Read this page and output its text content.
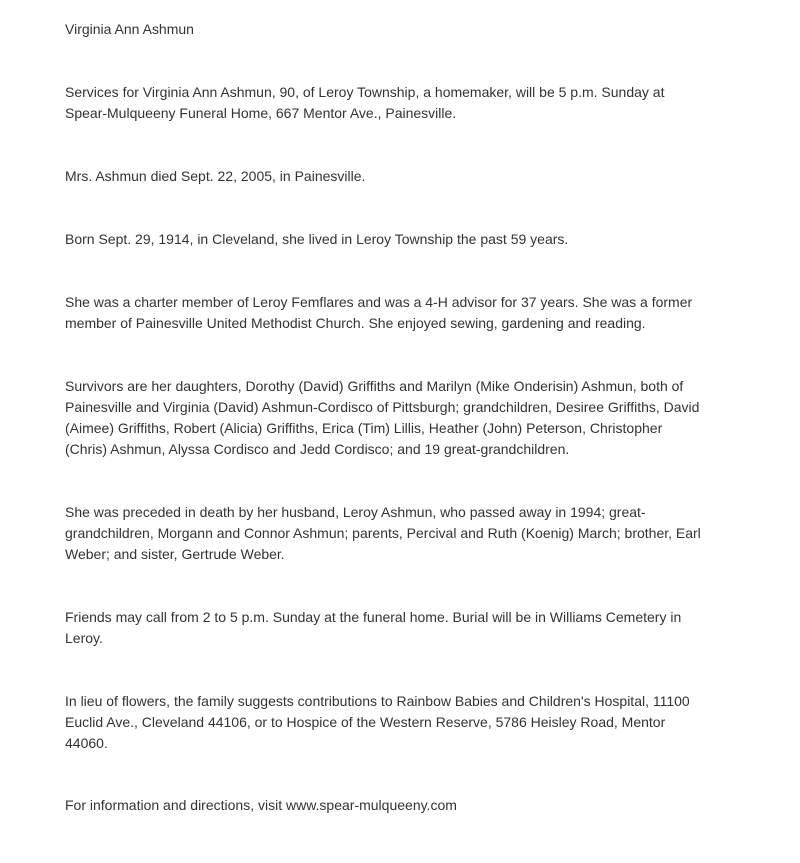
Virginia Ann Ashmun

Services for Virginia Ann Ashmun, 90, of Leroy Township, a homemaker, will be 5 p.m. Sunday at Spear-Mulqueeny Funeral Home, 667 Mentor Ave., Painesville.

Mrs. Ashmun died Sept. 22, 2005, in Painesville.

Born Sept. 29, 1914, in Cleveland, she lived in Leroy Township the past 59 years.

She was a charter member of Leroy Femflares and was a 4-H advisor for 37 years. She was a former member of Painesville United Methodist Church. She enjoyed sewing, gardening and reading.

Survivors are her daughters, Dorothy (David) Griffiths and Marilyn (Mike Onderisin) Ashmun, both of Painesville and Virginia (David) Ashmun-Cordisco of Pittsburgh; grandchildren, Desiree Griffiths, David (Aimee) Griffiths, Robert (Alicia) Griffiths, Erica (Tim) Lillis, Heather (John) Peterson, Christopher (Chris) Ashmun, Alyssa Cordisco and Jedd Cordisco; and 19 great-grandchildren.

She was preceded in death by her husband, Leroy Ashmun, who passed away in 1994; great-grandchildren, Morgann and Connor Ashmun; parents, Percival and Ruth (Koenig) March; brother, Earl Weber; and sister, Gertrude Weber.

Friends may call from 2 to 5 p.m. Sunday at the funeral home. Burial will be in Williams Cemetery in Leroy.

In lieu of flowers, the family suggests contributions to Rainbow Babies and Children's Hospital, 11100 Euclid Ave., Cleveland 44106, or to Hospice of the Western Reserve, 5786 Heisley Road, Mentor 44060.

For information and directions, visit www.spear-mulqueeny.com
